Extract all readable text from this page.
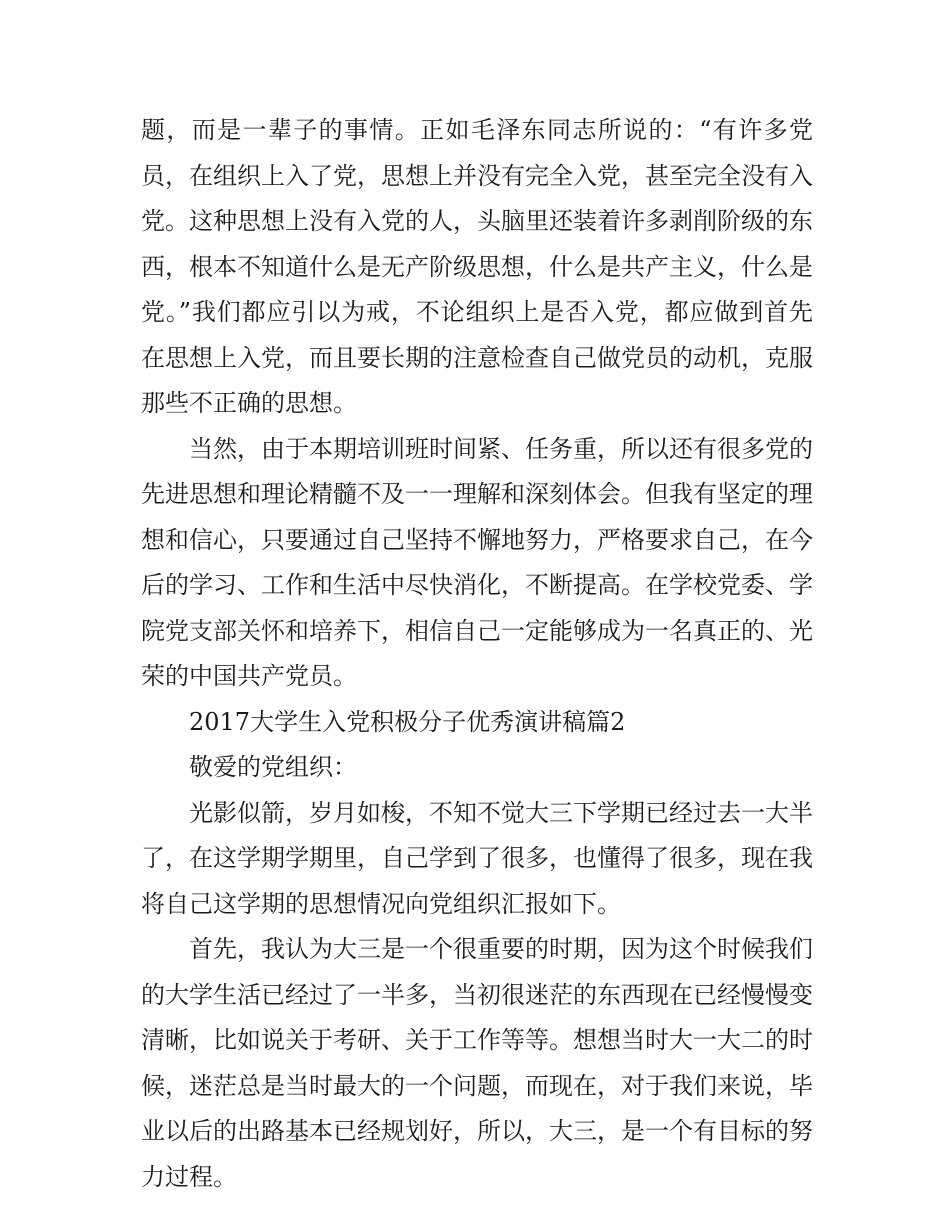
题，而是一辈子的事情。正如毛泽东同志所说的：“有许多党员，在组织上入了党，思想上并没有完全入党，甚至完全没有入党。这种思想上没有入党的人，头脑里还装着许多剥削阶级的东西，根本不知道什么是无产阶级思想，什么是共产主义，什么是党。”我们都应引以为戒，不论组织上是否入党，都应做到首先在思想上入党，而且要长期的注意检查自己做党员的动机，克服那些不正确的思想。

当然，由于本期培训班时间紧、任务重，所以还有很多党的先进思想和理论精髓不及一一理解和深刻体会。但我有坚定的理想和信心，只要通过自己坚持不懈地努力，严格要求自己，在今后的学习、工作和生活中尽快消化，不断提高。在学校党委、学院党支部关怀和培养下，相信自己一定能够成为一名真正的、光荣的中国共产党员。

2017大学生入党积极分子优秀演讲稿篇2

敬爱的党组织：

光影似箭，岁月如梭，不知不觉大三下学期已经过去一大半了，在这学期学期里，自己学到了很多，也懂得了很多，现在我将自己这学期的思想情况向党组织汇报如下。

首先，我认为大三是一个很重要的时期，因为这个时候我们的大学生活已经过了一半多，当初很迷茫的东西现在已经慢慢变清晰，比如说关于考研、关于工作等等。想想当时大一大二的时候，迷茫总是当时最大的一个问题，而现在，对于我们来说，毕业以后的出路基本已经规划好，所以，大三，是一个有目标的努力过程。
